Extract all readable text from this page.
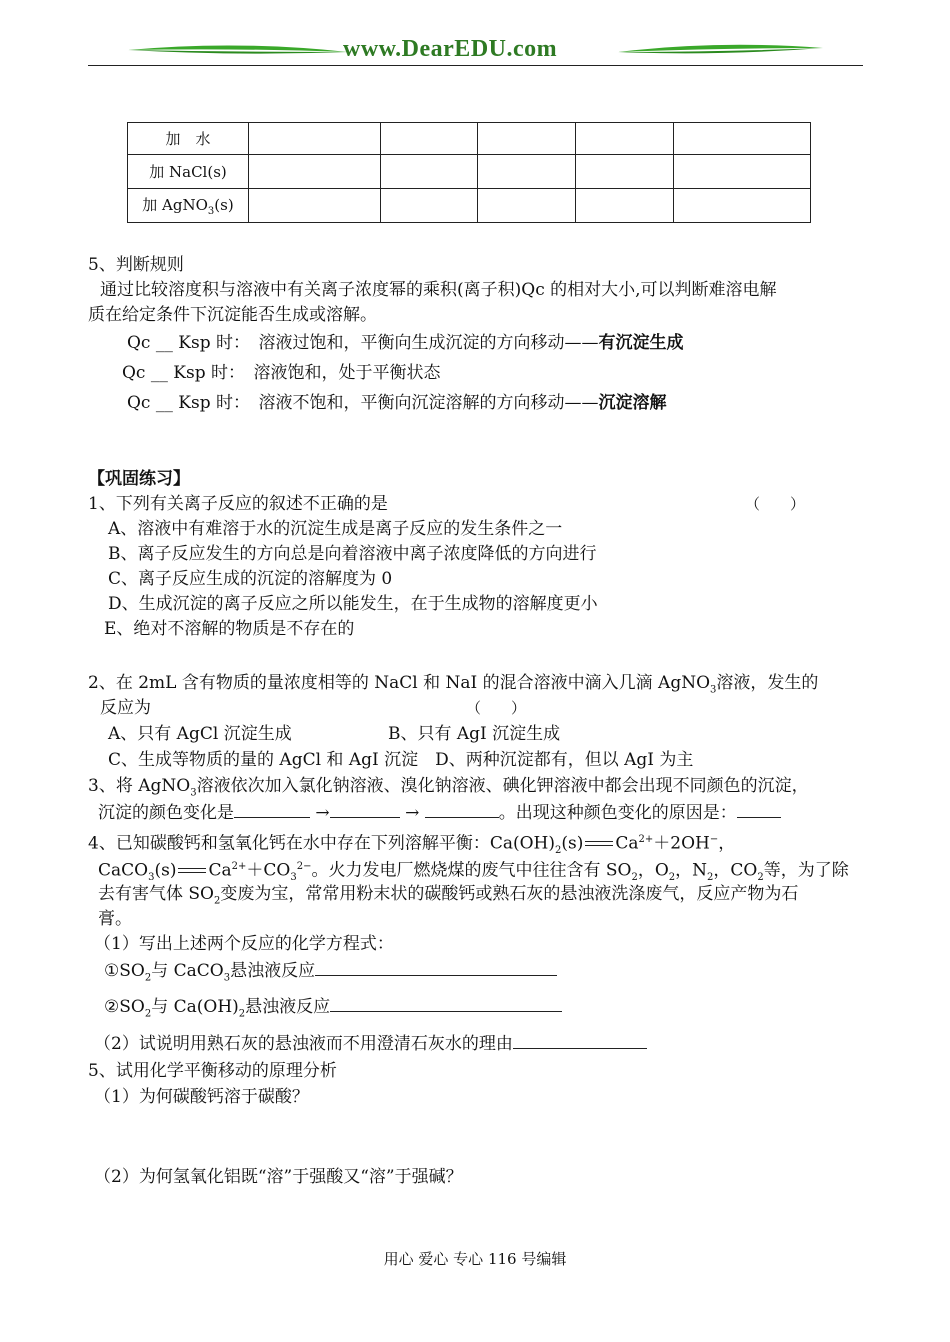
www.DearEDU.com
加　水					
加 NaCl(s)					
加 AgNO$_3$(s)					
5、判断规则
通过比较溶度积与溶液中有关离子浓度幂的乘积(离子积)Qc 的相对大小,可以判断难溶电解
质在给定条件下沉淀能否生成或溶解。
Qc __ Ksp 时：　溶液过饱和，平衡向生成沉淀的方向移动——有沉淀生成
Qc __ Ksp 时：　溶液饱和，处于平衡状态
Qc __ Ksp 时：　溶液不饱和，平衡向沉淀溶解的方向移动——沉淀溶解
【巩固练习】
1、下列有关离子反应的叙述不正确的是	（　　）
A、溶液中有难溶于水的沉淀生成是离子反应的发生条件之一
B、离子反应发生的方向总是向着溶液中离子浓度降低的方向进行
C、离子反应生成的沉淀的溶解度为 0
D、生成沉淀的离子反应之所以能发生，在于生成物的溶解度更小
E、绝对不溶解的物质是不存在的
2、在 2mL 含有物质的量浓度相等的 NaCl 和 NaI 的混合溶液中滴入几滴 AgNO$_3$溶液，发生的
反应为	（　　）
A、只有 AgCl 沉淀生成	B、只有 AgI 沉淀生成
C、生成等物质的量的 AgCl 和 AgI 沉淀　D、两种沉淀都有，但以 AgI 为主
3、将 AgNO$_3$溶液依次加入氯化钠溶液、溴化钠溶液、碘化钾溶液中都会出现不同颜色的沉淀，
沉淀的颜色变化是	→	→	。出现这种颜色变化的原因是：
4、已知碳酸钙和氢氧化钙在水中存在下列溶解平衡：$Ca(OH)_2(s)$ $Ca^{2+}+2OH^-$，
CaCO$_3$(s) $Ca^{2+}+CO_3^{2-}$。火力发电厂燃烧煤的废气中往往含有 $SO_2$，$O_2$，$N_2$，$CO_2$等，为了除
去有害气体 $SO_2$变废为宝，常常用粉末状的碳酸钙或熟石灰的悬浊液洗涤废气，反应产物为石
膏。
（1）写出上述两个反应的化学方程式：
$①SO_2$与 CaCO$_3$悬浊液反应
$②SO_2$与 $Ca(OH)_2$悬浊液反应
（2）试说明用熟石灰的悬浊液而不用澄清石灰水的理由
5、试用化学平衡移动的原理分析
（1）为何碳酸钙溶于碳酸？
（2）为何氢氧化铝既“溶”于强酸又“溶”于强碱？
用心 爱心 专心 116 号编辑
